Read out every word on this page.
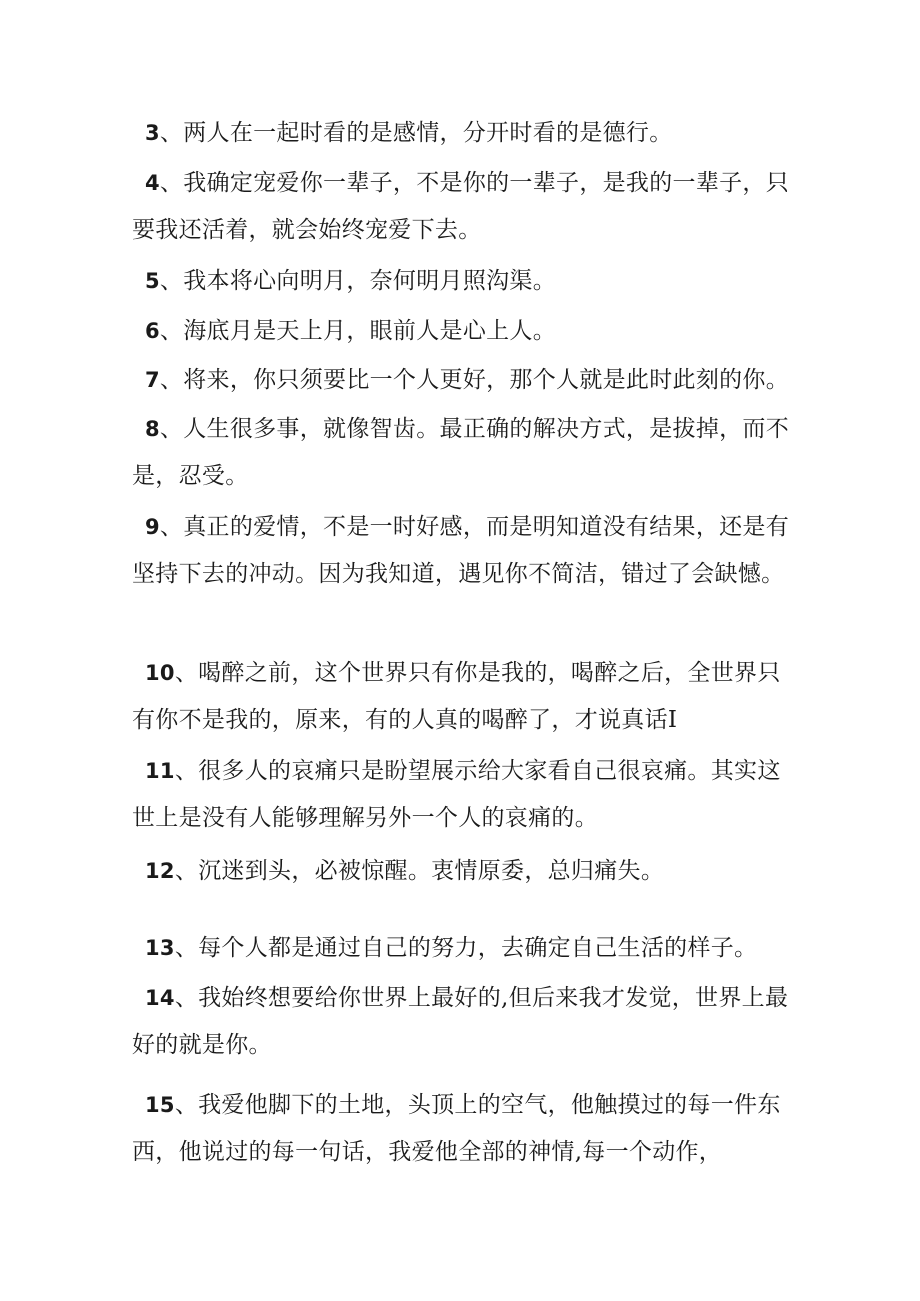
3、两人在一起时看的是感情，分开时看的是德行。

4、我确定宠爱你一辈子，不是你的一辈子，是我的一辈子，只要我还活着，就会始终宠爱下去。

5、我本将心向明月，奈何明月照沟渠。

6、海底月是天上月，眼前人是心上人。

7、将来，你只须要比一个人更好，那个人就是此时此刻的你。

8、人生很多事，就像智齿。最正确的解决方式，是拔掉，而不是，忍受。

9、真正的爱情，不是一时好感，而是明知道没有结果，还是有坚持下去的冲动。因为我知道，遇见你不简洁，错过了会缺憾。

10、喝醉之前，这个世界只有你是我的，喝醉之后，全世界只有你不是我的，原来，有的人真的喝醉了，才说真话I

11、很多人的哀痛只是盼望展示给大家看自己很哀痛。其实这世上是没有人能够理解另外一个人的哀痛的。

12、沉迷到头，必被惊醒。衷情原委，总归痛失。

13、每个人都是通过自己的努力，去确定自己生活的样子。

14、我始终想要给你世界上最好的,但后来我才发觉，世界上最好的就是你。

15、我爱他脚下的土地，头顶上的空气，他触摸过的每一件东西，他说过的每一句话，我爱他全部的神情,每一个动作，
